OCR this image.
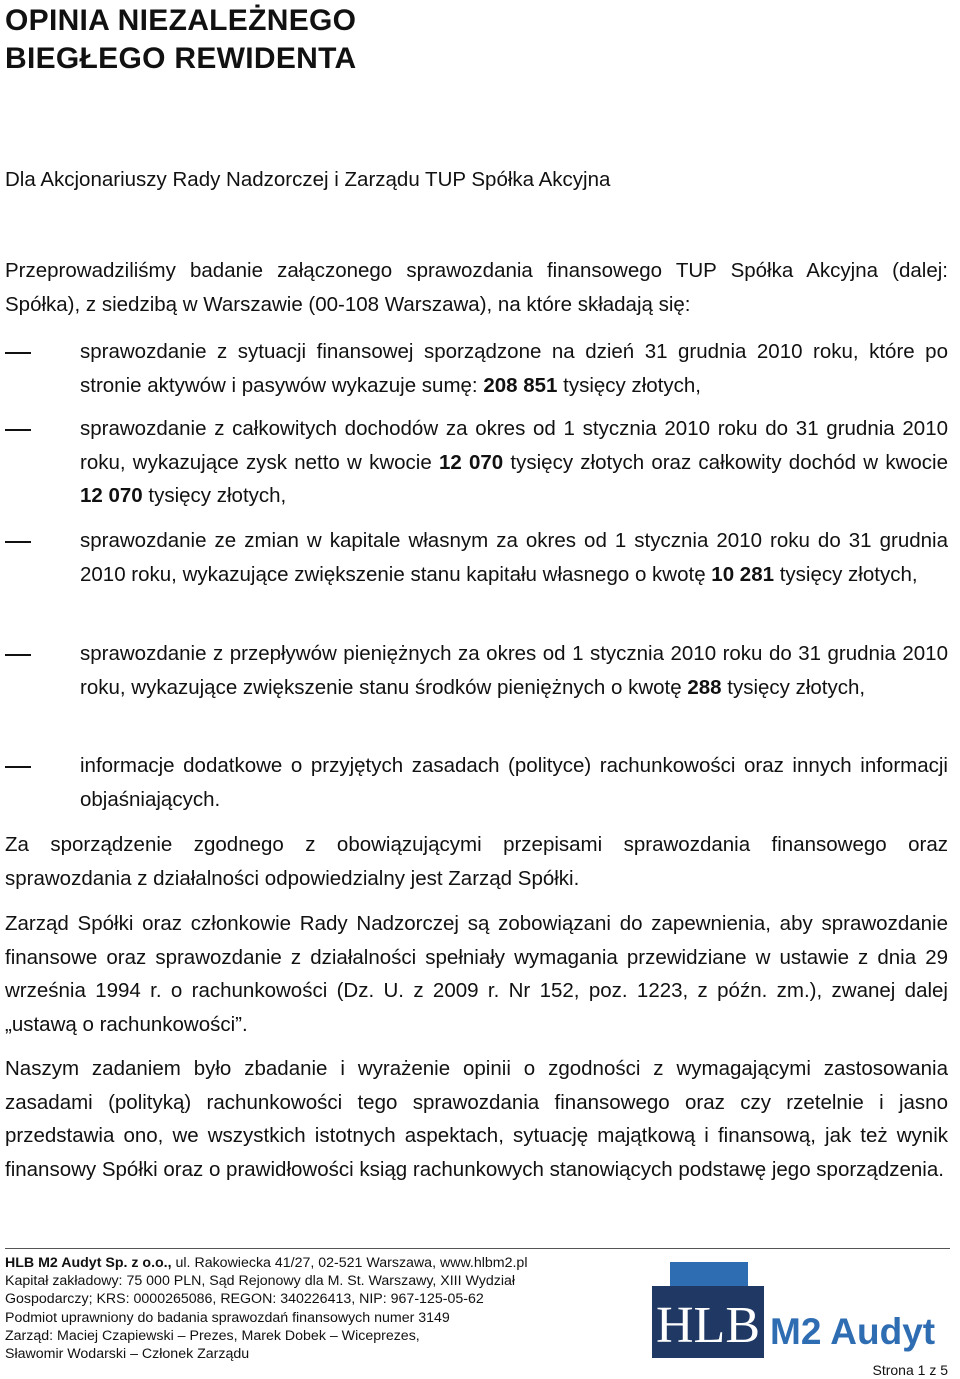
OPINIA NIEZALEŻNEGO
BIEGŁEGO REWIDENTA

Dla Akcjonariuszy Rady Nadzorczej i Zarządu TUP Spółka Akcyjna

Przeprowadziliśmy badanie załączonego sprawozdania finansowego TUP Spółka Akcyjna (dalej: Spółka), z siedzibą w Warszawie (00-108 Warszawa), na które składają się:

sprawozdanie z sytuacji finansowej sporządzone na dzień 31 grudnia 2010 roku, które po stronie aktywów i pasywów wykazuje sumę: 208 851 tysięcy złotych,
sprawozdanie z całkowitych dochodów za okres od 1 stycznia 2010 roku do 31 grudnia 2010 roku, wykazujące zysk netto w kwocie 12 070 tysięcy złotych oraz całkowity dochód w kwocie 12 070 tysięcy złotych,
sprawozdanie ze zmian w kapitale własnym za okres od 1 stycznia 2010 roku do 31 grudnia 2010 roku, wykazujące zwiększenie stanu kapitału własnego o kwotę 10 281 tysięcy złotych,
sprawozdanie z przepływów pieniężnych za okres od 1 stycznia 2010 roku do 31 grudnia 2010 roku, wykazujące zwiększenie stanu środków pieniężnych o kwotę 288 tysięcy złotych,
informacje dodatkowe o przyjętych zasadach (polityce) rachunkowości oraz innych informacji objaśniających.

Za sporządzenie zgodnego z obowiązującymi przepisami sprawozdania finansowego oraz sprawozdania z działalności odpowiedzialny jest Zarząd Spółki.

Zarząd Spółki oraz członkowie Rady Nadzorczej są zobowiązani do zapewnienia, aby sprawozdanie finansowe oraz sprawozdanie z działalności spełniały wymagania przewidziane w ustawie z dnia 29 września 1994 r. o rachunkowości (Dz. U. z 2009 r. Nr 152, poz. 1223, z późn. zm.), zwanej dalej „ustawą o rachunkowości”.

Naszym zadaniem było zbadanie i wyrażenie opinii o zgodności z wymagającymi zastosowania zasadami (polityką) rachunkowości tego sprawozdania finansowego oraz czy rzetelnie i jasno przedstawia ono, we wszystkich istotnych aspektach, sytuację majątkową i finansową, jak też wynik finansowy Spółki oraz o prawidłowości ksiąg rachunkowych stanowiących podstawę jego sporządzenia.

HLB M2 Audyt Sp. z o.o., ul. Rakowiecka 41/27, 02-521 Warszawa, www.hlbm2.pl
Kapitał zakładowy: 75 000 PLN, Sąd Rejonowy dla M. St. Warszawy, XIII Wydział
Gospodarczy; KRS: 0000265086, REGON: 340226413, NIP: 967-125-05-62
Podmiot uprawniony do badania sprawozdań finansowych numer 3149
Zarząd: Maciej Czapiewski – Prezes, Marek Dobek – Wiceprezes,
Sławomir Wodarski – Członek Zarządu
HLB M2 Audyt
Strona 1 z 5
